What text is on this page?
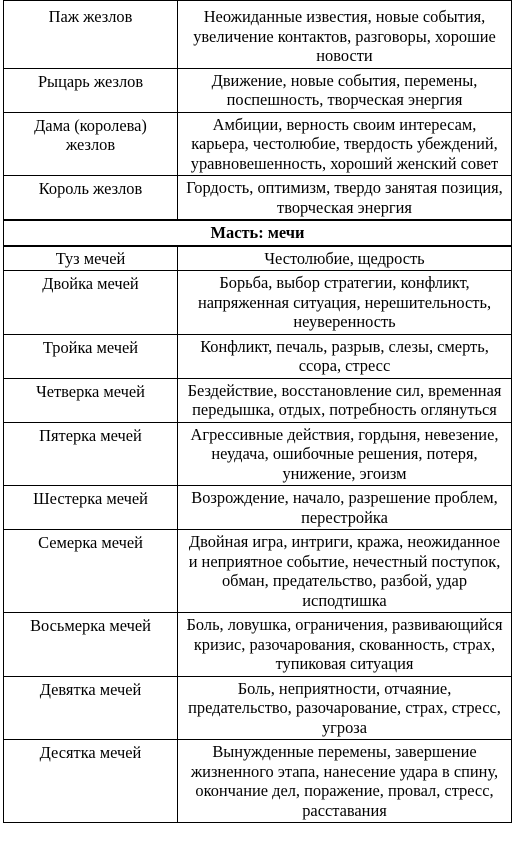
Паж жезлов	Неожиданные известия, новые события, увеличение контактов, разговоры, хорошие новости
Рыцарь жезлов	Движение, новые события, перемены, поспешность, творческая энергия
Дама (королева) жезлов	Амбиции, верность своим интересам, карьера, честолюбие, твердость убеждений, уравновешенность, хороший женский совет
Король жезлов	Гордость, оптимизм, твердо занятая позиция, творческая энергия
Масть: мечи	
Туз мечей	Честолюбие, щедрость
Двойка мечей	Борьба, выбор стратегии, конфликт, напряженная ситуация, нерешительность, неуверенность
Тройка мечей	Конфликт, печаль, разрыв, слезы, смерть, ссора, стресс
Четверка мечей	Бездействие, восстановление сил, временная передышка, отдых, потребность оглянуться
Пятерка мечей	Агрессивные действия, гордыня, невезение, неудача, ошибочные решения, потеря, унижение, эгоизм
Шестерка мечей	Возрождение, начало, разрешение проблем, перестройка
Семерка мечей	Двойная игра, интриги, кража, неожиданное и неприятное событие, нечестный поступок, обман, предательство, разбой, удар исподтишка
Восьмерка мечей	Боль, ловушка, ограничения, развивающийся кризис, разочарования, скованность, страх, тупиковая ситуация
Девятка мечей	Боль, неприятности, отчаяние, предательство, разочарование, страх, стресс, угроза
Десятка мечей	Вынужденные перемены, завершение жизненного этапа, нанесение удара в спину, окончание дел, поражение, провал, стресс, расставания
